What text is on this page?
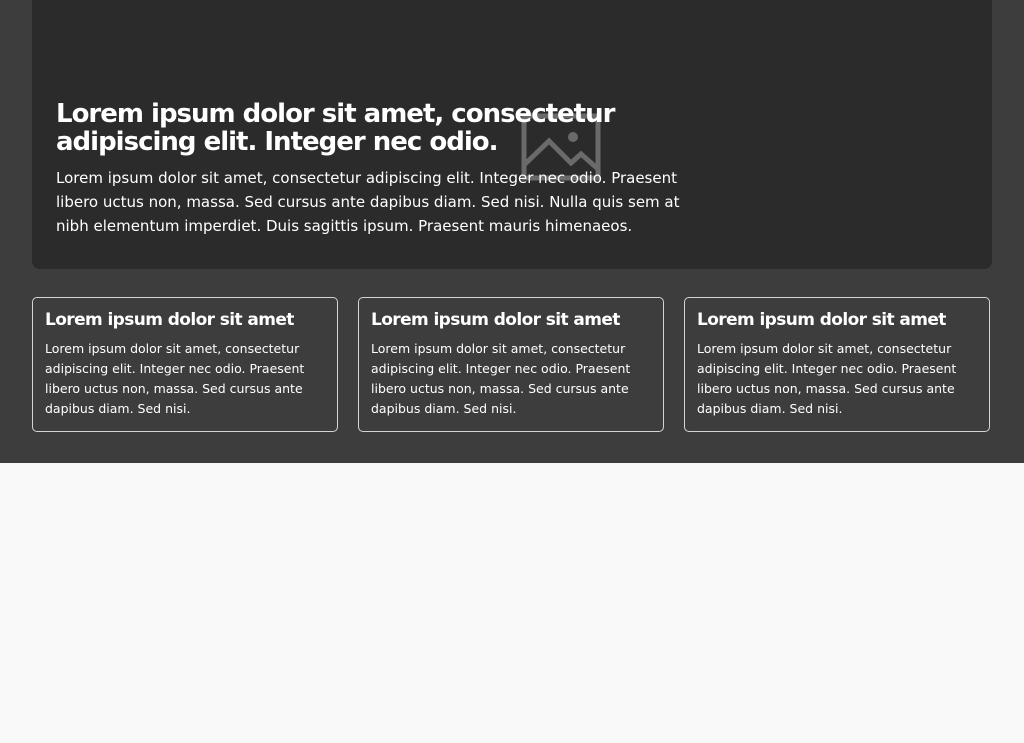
Lorem ipsum dolor sit amet, consectetur adipiscing elit. Integer nec odio.

Lorem ipsum dolor sit amet, consectetur adipiscing elit. Integer nec odio. Praesent libero uctus non, massa. Sed cursus ante dapibus diam. Sed nisi. Nulla quis sem at nibh elementum imperdiet. Duis sagittis ipsum. Praesent mauris himenaeos.

Lorem ipsum dolor sit amet

Lorem ipsum dolor sit amet, consectetur adipiscing elit. Integer nec odio. Praesent libero uctus non, massa. Sed cursus ante dapibus diam. Sed nisi.

Lorem ipsum dolor sit amet

Lorem ipsum dolor sit amet, consectetur adipiscing elit. Integer nec odio. Praesent libero uctus non, massa. Sed cursus ante dapibus diam. Sed nisi.

Lorem ipsum dolor sit amet

Lorem ipsum dolor sit amet, consectetur adipiscing elit. Integer nec odio. Praesent libero uctus non, massa. Sed cursus ante dapibus diam. Sed nisi.
